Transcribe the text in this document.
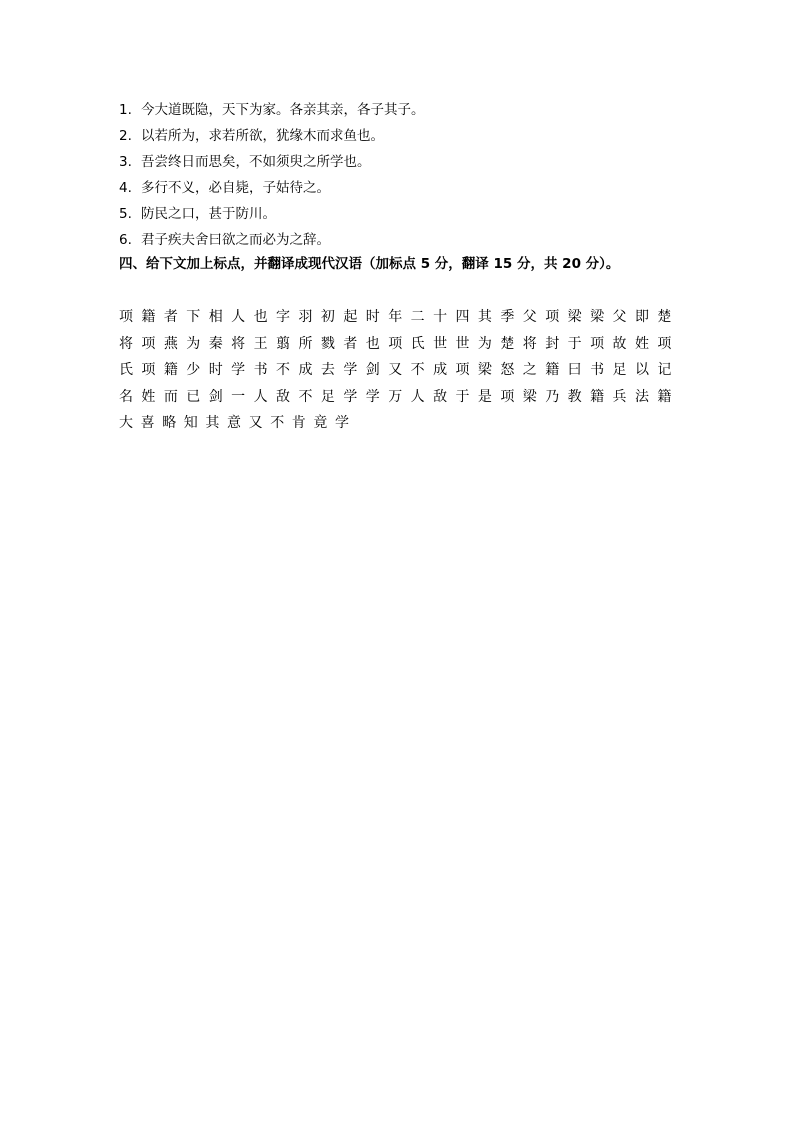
1. 今大道既隐，天下为家。各亲其亲，各子其子。
2. 以若所为，求若所欲，犹缘木而求鱼也。
3. 吾尝终日而思矣，不如须臾之所学也。
4. 多行不义，必自毙，子姑待之。
5. 防民之口，甚于防川。
6. 君子疾夫舍曰欲之而必为之辞。
四、给下文加上标点，并翻译成现代汉语（加标点 5 分，翻译 15 分，共 20 分）。
项籍者下相人也字羽初起时年二十四其季父项梁梁父即楚将项燕为秦将王翦所戮者也项氏世世为楚将封于项故姓项氏项籍少时学书不成去学剑又不成项梁怒之籍曰书足以记名姓而已剑一人敌不足学学万人敌于是项梁乃教籍兵法籍大喜略知其意又不肯竟学
